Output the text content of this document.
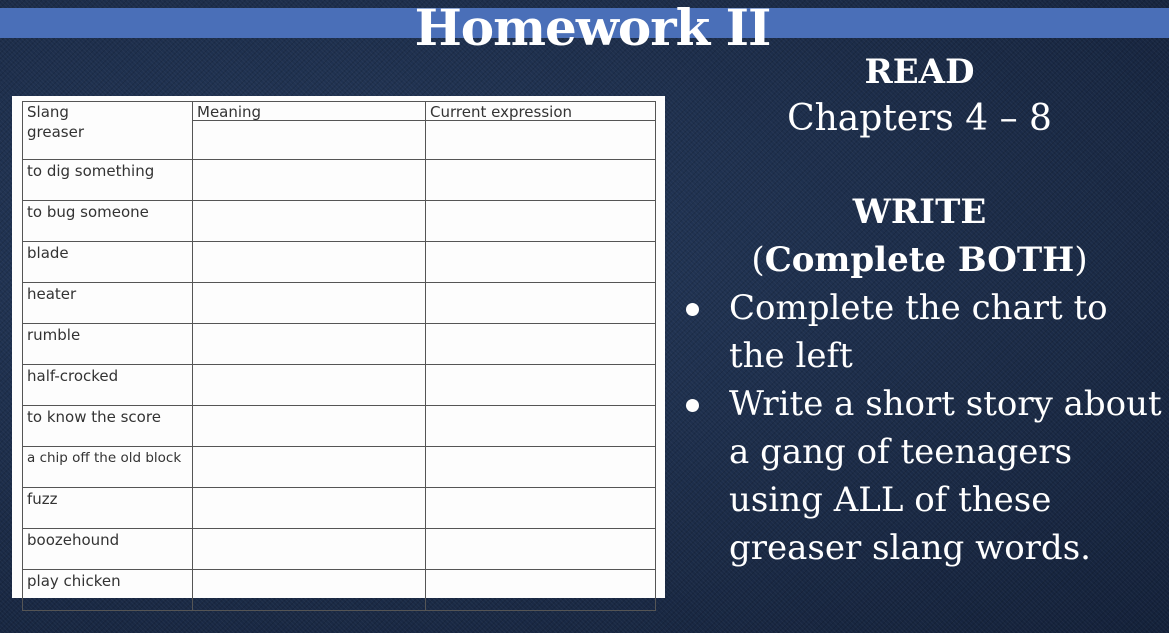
Homework II
Slang	Meaning	Current expression
greaser		
to dig something		
to bug someone		
blade		
heater		
rumble		
half-crocked		
to know the score		
a chip off the old block		
fuzz		
boozehound		
play chicken		

READ

Chapters 4 – 8

WRITE

(Complete BOTH)

Complete the chart to the left
Write a short story about a gang of teenagers using ALL of these greaser slang words.
